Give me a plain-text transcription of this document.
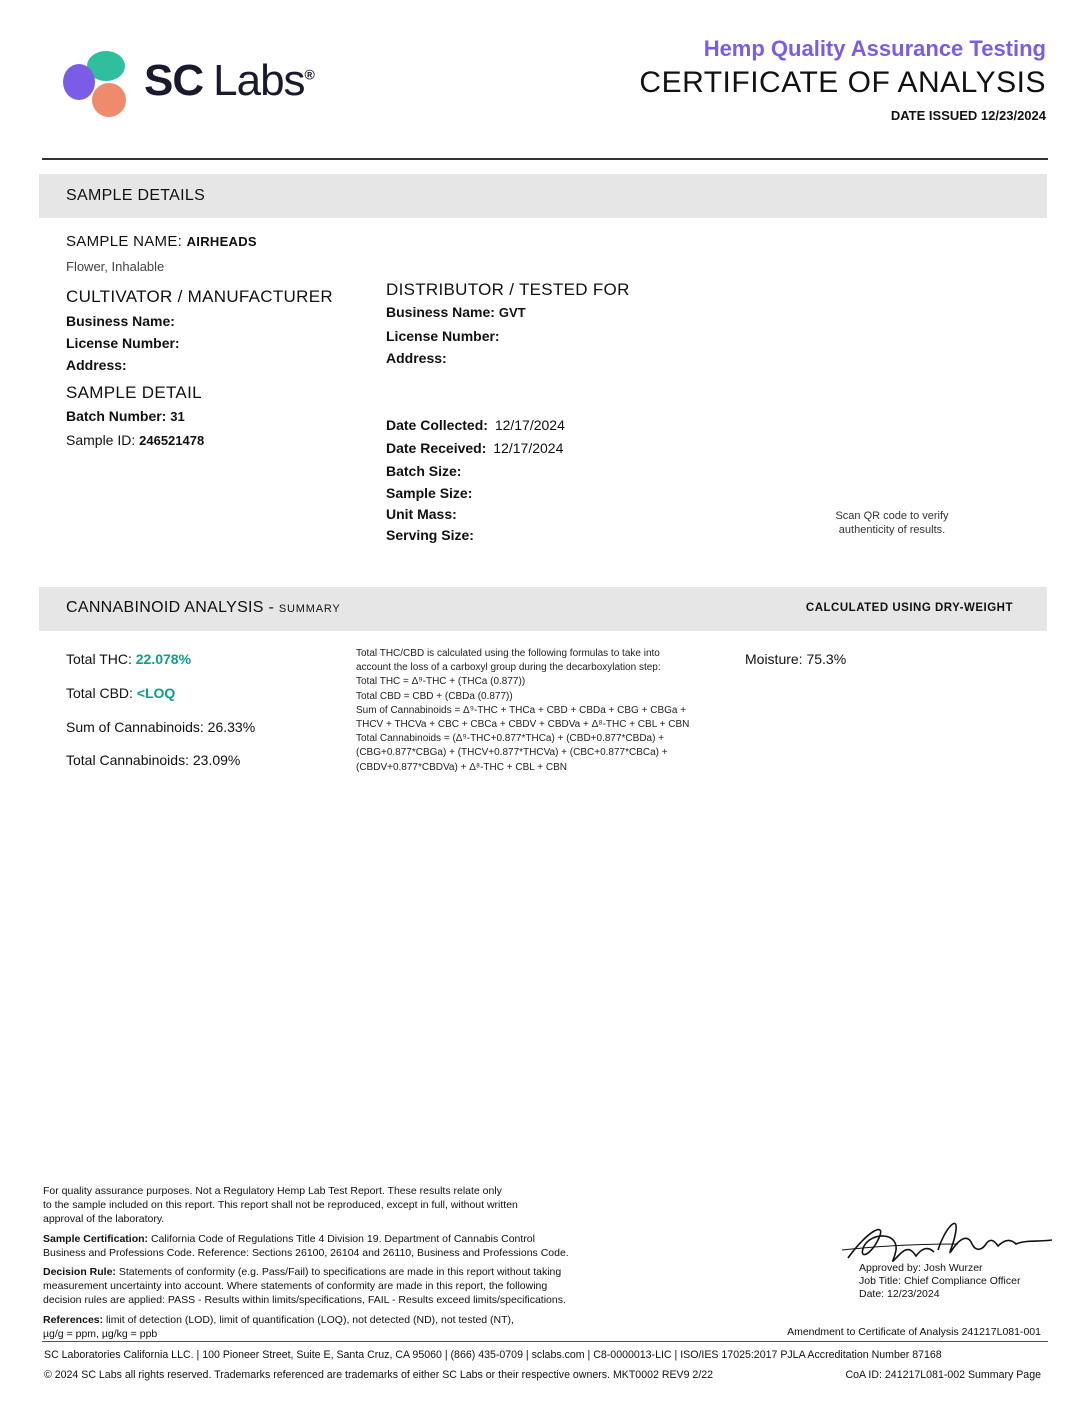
SC Labs®
Hemp Quality Assurance Testing
CERTIFICATE OF ANALYSIS
DATE ISSUED 12/23/2024
SAMPLE DETAILS
SAMPLE NAME: AIRHEADS
Flower, Inhalable
CULTIVATOR / MANUFACTURER
Business Name:
License Number:
Address:
SAMPLE DETAIL
Batch Number: 31
Sample ID: 246521478
DISTRIBUTOR / TESTED FOR
Business Name: GVT
License Number:
Address:
Date Collected: 12/17/2024
Date Received: 12/17/2024
Batch Size:
Sample Size:
Unit Mass:
Serving Size:
Scan QR code to verify
authenticity of results.
CANNABINOID ANALYSIS - SUMMARY	CALCULATED USING DRY-WEIGHT
Total THC: 22.078%
Total CBD: <LOQ
Sum of Cannabinoids: 26.33%
Total Cannabinoids: 23.09%
Total THC/CBD is calculated using the following formulas to take into
account the loss of a carboxyl group during the decarboxylation step:
Total THC = Δ⁹-THC + (THCa (0.877))
Total CBD = CBD + (CBDa (0.877))
Sum of Cannabinoids = Δ⁹-THC + THCa + CBD + CBDa + CBG + CBGa +
THCV + THCVa + CBC + CBCa + CBDV + CBDVa + Δ⁸-THC + CBL + CBN
Total Cannabinoids = (Δ⁹-THC+0.877*THCa) + (CBD+0.877*CBDa) +
(CBG+0.877*CBGa) + (THCV+0.877*THCVa) + (CBC+0.877*CBCa) +
(CBDV+0.877*CBDVa) + Δ⁸-THC + CBL + CBN
Moisture: 75.3%
For quality assurance purposes. Not a Regulatory Hemp Lab Test Report. These results relate only
to the sample included on this report. This report shall not be reproduced, except in full, without written
approval of the laboratory.
Sample Certification: California Code of Regulations Title 4 Division 19. Department of Cannabis Control
Business and Professions Code. Reference: Sections 26100, 26104 and 26110, Business and Professions Code.
Decision Rule: Statements of conformity (e.g. Pass/Fail) to specifications are made in this report without taking
measurement uncertainty into account. Where statements of conformity are made in this report, the following
decision rules are applied: PASS - Results within limits/specifications, FAIL - Results exceed limits/specifications.
References: limit of detection (LOD), limit of quantification (LOQ), not detected (ND), not tested (NT),
µg/g = ppm, µg/kg = ppb
Approved by: Josh Wurzer
Job Title: Chief Compliance Officer
Date: 12/23/2024
Amendment to Certificate of Analysis 241217L081-001
SC Laboratories California LLC. | 100 Pioneer Street, Suite E, Santa Cruz, CA 95060 | (866) 435-0709 | sclabs.com | C8-0000013-LIC | ISO/IES 17025:2017 PJLA Accreditation Number 87168
© 2024 SC Labs all rights reserved. Trademarks referenced are trademarks of either SC Labs or their respective owners. MKT0002 REV9 2/22	CoA ID: 241217L081-002 Summary Page
